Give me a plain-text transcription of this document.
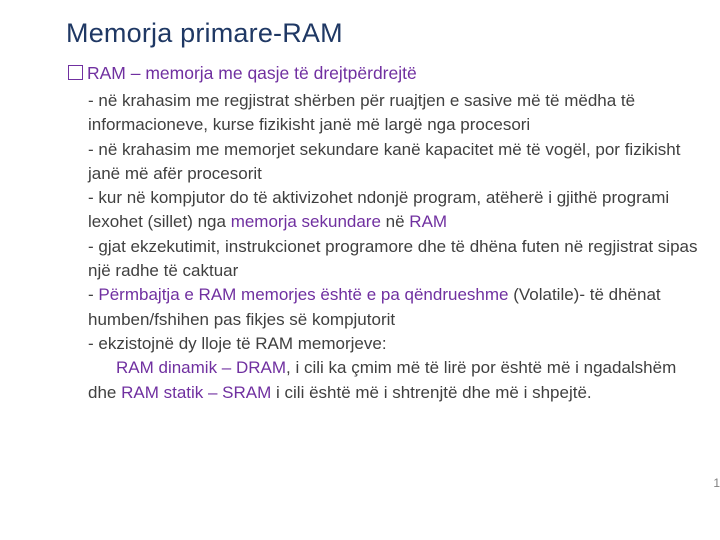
Memorja primare-RAM
RAM – memorja me qasje të drejtpërdrejtë

- në krahasim me regjistrat shërben për ruajtjen e sasive më të mëdha të informacioneve, kurse fizikisht janë më largë nga procesori

- në krahasim me memorjet sekundare kanë kapacitet më të vogël, por fizikisht janë më afër procesorit

- kur në kompjutor do të aktivizohet ndonjë program, atëherë i gjithë programi lexohet (sillet) nga memorja sekundare në RAM

- gjat ekzekutimit, instrukcionet programore dhe të dhëna futen në regjistrat sipas një radhe të caktuar

- Përmbajtja e RAM memorjes është e pa qëndrueshme (Volatile)- të dhënat humben/fshihen pas fikjes së kompjutorit

- ekzistojnë dy lloje të RAM memorjeve:

RAM dinamik – DRAM, i cili ka çmim më të lirë por është më i ngadalshëm dhe RAM statik – SRAM i cili është më i shtrenjtë dhe më i shpejtë.

1
